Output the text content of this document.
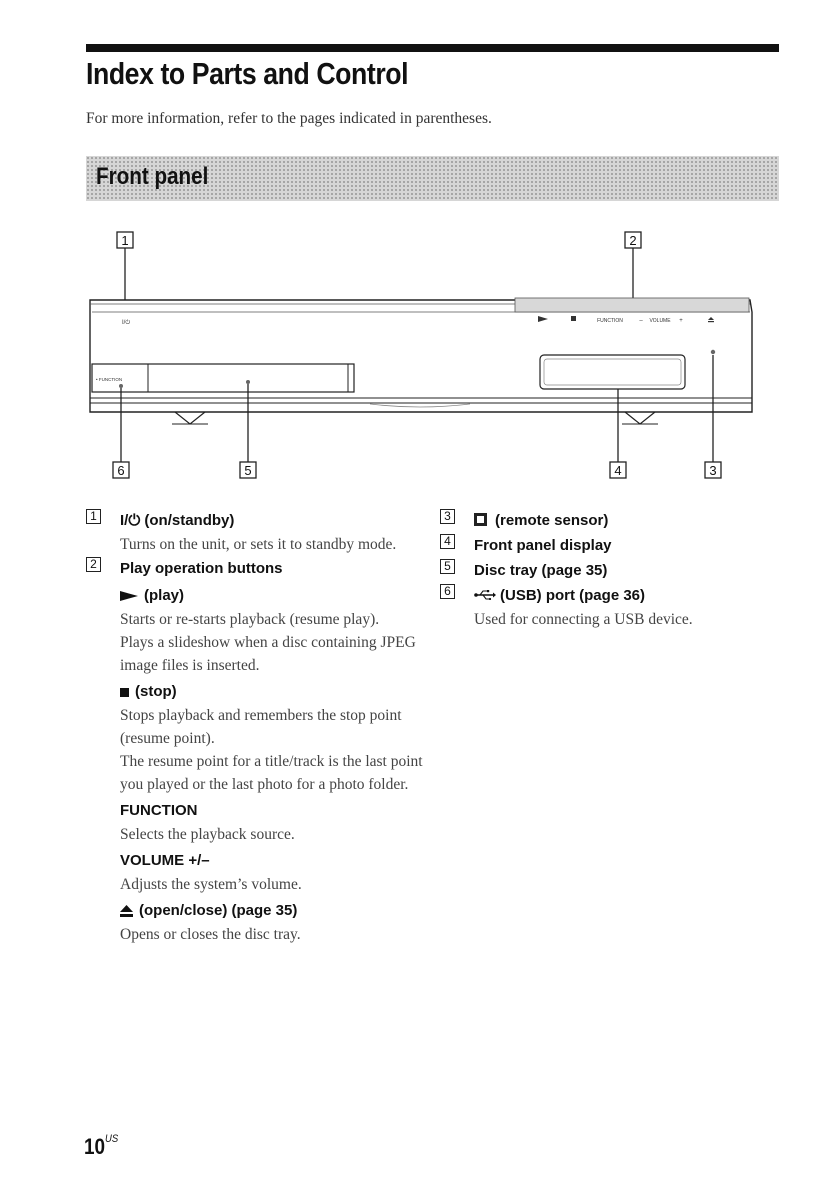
Index to Parts and Control
For more information, refer to the pages indicated in parentheses.
Front panel
1	2
FUNCTION	– VOLUME +
I/⏻
• FUNCTION
6	5	4	3
1 I/⏻ (on/standby)
Turns on the unit, or sets it to standby mode.
2 Play operation buttons
(play)
Starts or re-starts playback (resume play).
Plays a slideshow when a disc containing JPEG image files is inserted.
(stop)
Stops playback and remembers the stop point (resume point).
The resume point for a title/track is the last point you played or the last photo for a photo folder.
FUNCTION
Selects the playback source.
VOLUME +/–
Adjusts the system’s volume.
(open/close) (page 35)
Opens or closes the disc tray.
3	(remote sensor)
4 Front panel display
5 Disc tray (page 35)
6	(USB) port (page 36)
Used for connecting a USB device.
$10^{US}$
